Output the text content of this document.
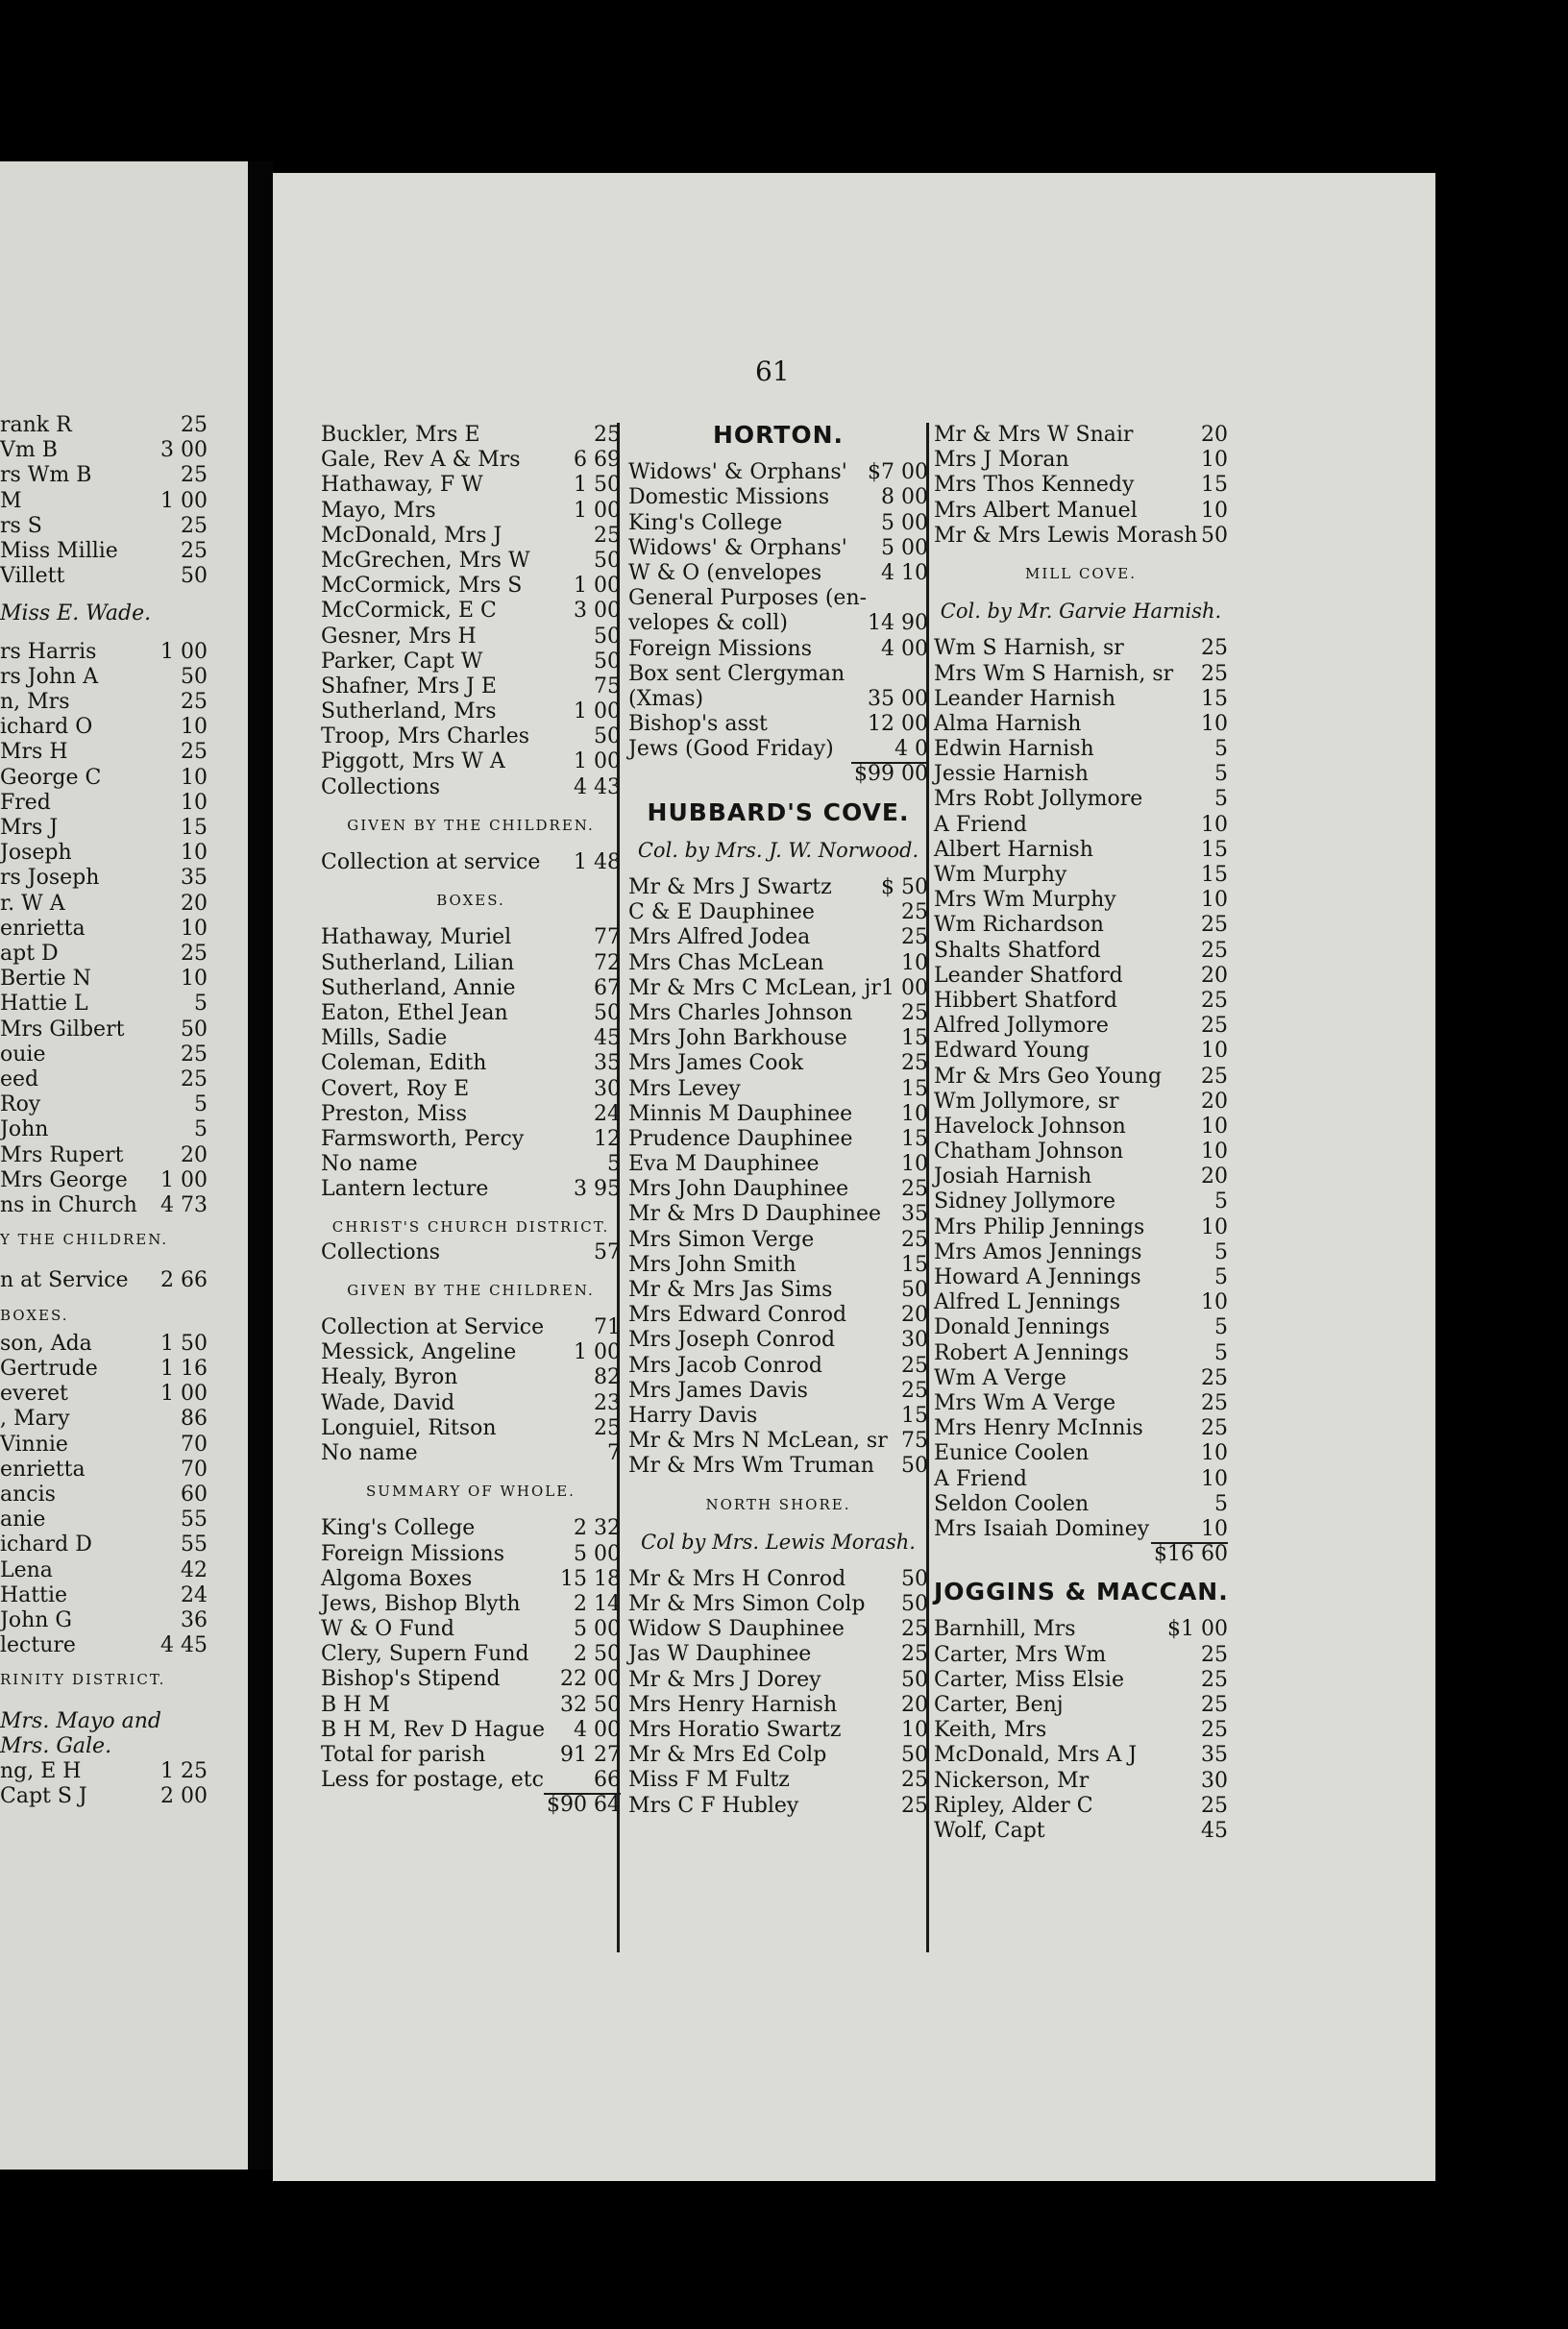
rank R	25
Vm B	3 00
rs Wm B	25
M	1 00
rs S	25
Miss Millie	25
Villett	50
Miss E. Wade.
rs Harris	1 00
rs John A	50
n, Mrs	25
ichard O	10
Mrs H	25
George C	10
Fred	10
Mrs J	15
Joseph	10
rs Joseph	35
r. W A	20
enrietta	10
apt D	25
Bertie N	10
Hattie L	5
Mrs Gilbert	50
ouie	25
eed	25
Roy	5
John	5
Mrs Rupert	20
Mrs George 1 00
ns in Church 4 73
Y THE CHILDREN.
n at Service 2 66
BOXES.
son, Ada	1 50
Gertrude	1 16
everet	1 00
, Mary	86
Vinnie	70
enrietta	70
ancis	60
anie	55
ichard D	55
Lena	42
Hattie	24
John G	36
lecture	4 45
RINITY DISTRICT.
Mrs. Mayo and
Mrs. Gale.
ng, E H	1 25
Capt S J	2 00
61
Buckler, Mrs E	25
Gale, Rev A & Mrs	6 69
Hathaway, F W	1 50
Mayo, Mrs	1 00
McDonald, Mrs J	25
McGrechen, Mrs W	50
McCormick, Mrs S 1 00
McCormick, E C	3 00
Gesner, Mrs H	50
Parker, Capt W	50
Shafner, Mrs J E	75
Sutherland, Mrs	1 00
Troop, Mrs Charles	50
Piggott, Mrs W A	1 00
Collections	4 43
GIVEN BY THE CHILDREN.
Collection at service 1 48
BOXES.
Hathaway, Muriel	77
Sutherland, Lilian	72
Sutherland, Annie	67
Eaton, Ethel Jean	50
Mills, Sadie	45
Coleman, Edith	35
Covert, Roy E	30
Preston, Miss	24
Farmsworth, Percy	12
No name	5
Lantern lecture	3 95
CHRIST'S CHURCH DISTRICT.
Collections	57
GIVEN BY THE CHILDREN.
Collection at Service 71
Messick, Angeline	1 00
Healy, Byron	82
Wade, David	23
Longuiel, Ritson	25
No name	7
SUMMARY OF WHOLE.
King's College	2 32
Foreign Missions	5 00
Algoma Boxes	15 18
Jews, Bishop Blyth	2 14
W & O Fund	5 00
Clery, Supern Fund 2 50
Bishop's Stipend	22 00
B H M	32 50
B H M, Rev D Hague 4 00
Total for parish	91 27
Less for postage, etc 66
$90 64
HORTON.
Widows' & Orphans' $7 00
Domestic Missions 8 00
King's College	5 00
Widows' & Orphans' 5 00
W & O (envelopes	4 10
General Purposes (en-
velopes & coll)	14 90
Foreign Missions	4 00
Box sent Clergyman
(Xmas)	35 00
Bishop's asst	12 00
Jews (Good Friday)	4 0
$99 00
HUBBARD'S COVE.
Col. by Mrs. J. W. Norwood.
Mr & Mrs J Swartz $ 50
C & E Dauphinee	25
Mrs Alfred Jodea	25
Mrs Chas McLean	10
Mr & Mrs C McLean, jr 1 00
Mrs Charles Johnson 25
Mrs John Barkhouse	15
Mrs James Cook	25
Mrs Levey	15
Minnis M Dauphinee 10
Prudence Dauphinee 15
Eva M Dauphinee	10
Mrs John Dauphinee 25
Mr & Mrs D Dauphinee 35
Mrs Simon Verge	25
Mrs John Smith	15
Mr & Mrs Jas Sims	50
Mrs Edward Conrod	20
Mrs Joseph Conrod	30
Mrs Jacob Conrod	25
Mrs James Davis	25
Harry Davis	15
Mr & Mrs N McLean, sr 75
Mr & Mrs Wm Truman 50
NORTH SHORE.
Col by Mrs. Lewis Morash.
Mr & Mrs H Conrod	50
Mr & Mrs Simon Colp 50
Widow S Dauphinee	25
Jas W Dauphinee	25
Mr & Mrs J Dorey	50
Mrs Henry Harnish	20
Mrs Horatio Swartz	10
Mr & Mrs Ed Colp	50
Miss F M Fultz	25
Mrs C F Hubley	25
Mr & Mrs W Snair	20
Mrs J Moran	10
Mrs Thos Kennedy	15
Mrs Albert Manuel	10
Mr & Mrs Lewis Morash 50
MILL COVE.
Col. by Mr. Garvie Harnish.
Wm S Harnish, sr	25
Mrs Wm S Harnish, sr 25
Leander Harnish	15
Alma Harnish	10
Edwin Harnish	5
Jessie Harnish	5
Mrs Robt Jollymore	5
A Friend	10
Albert Harnish	15
Wm Murphy	15
Mrs Wm Murphy	10
Wm Richardson	25
Shalts Shatford	25
Leander Shatford	20
Hibbert Shatford	25
Alfred Jollymore	25
Edward Young	10
Mr & Mrs Geo Young 25
Wm Jollymore, sr	20
Havelock Johnson	10
Chatham Johnson	10
Josiah Harnish	20
Sidney Jollymore	5
Mrs Philip Jennings	10
Mrs Amos Jennings	5
Howard A Jennings	5
Alfred L Jennings	10
Donald Jennings	5
Robert A Jennings	5
Wm A Verge	25
Mrs Wm A Verge	25
Mrs Henry McInnis	25
Eunice Coolen	10
A Friend	10
Seldon Coolen	5
Mrs Isaiah Dominey 10
$16 60
JOGGINS & MACCAN.
Barnhill, Mrs	$1 00
Carter, Mrs Wm	25
Carter, Miss Elsie	25
Carter, Benj	25
Keith, Mrs	25
McDonald, Mrs A J	35
Nickerson, Mr	30
Ripley, Alder C	25
Wolf, Capt	45
